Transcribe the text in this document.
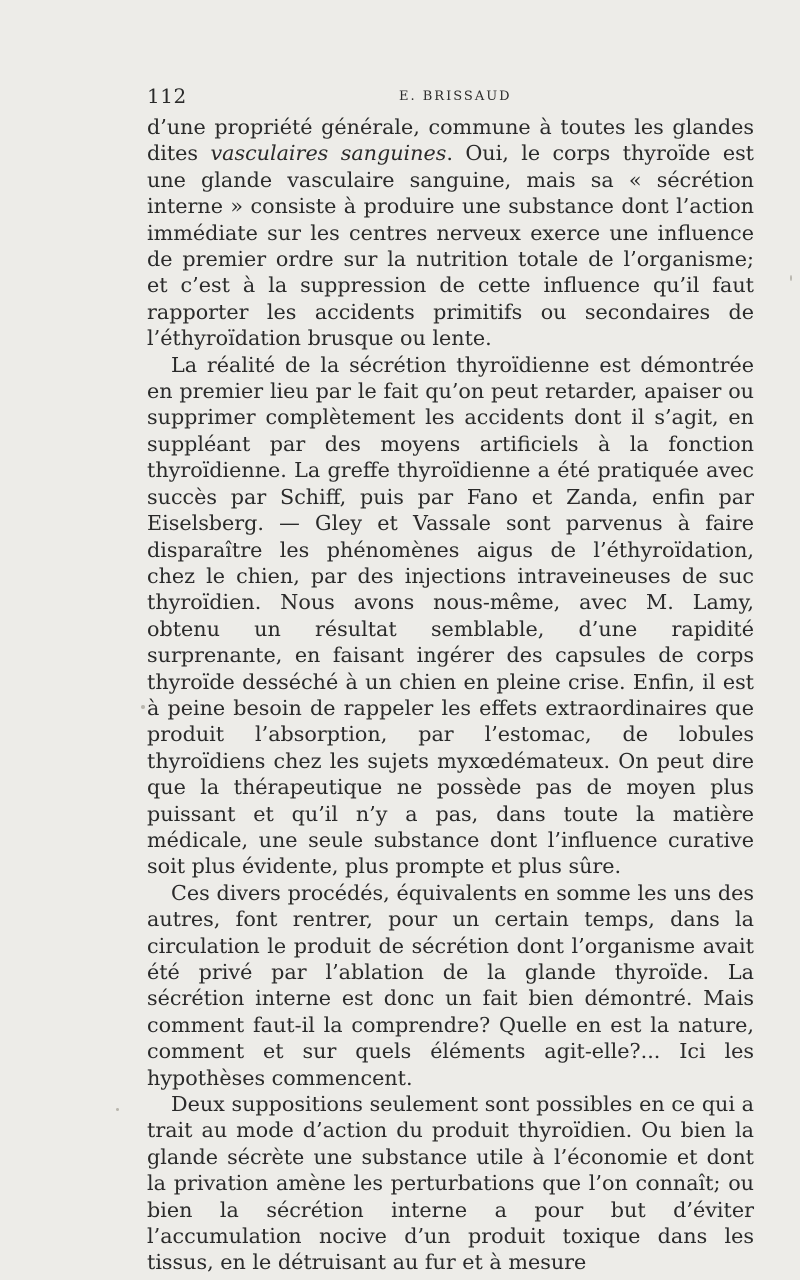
112	E. BRISSAUD

d’une propriété générale, commune à toutes les glandes dites vasculaires sanguines. Oui, le corps thyroïde est une glande vasculaire sanguine, mais sa « sécrétion interne » consiste à produire une substance dont l’action immédiate sur les centres nerveux exerce une influence de premier ordre sur la nutrition totale de l’organisme; et c’est à la suppression de cette influence qu’il faut rapporter les accidents primitifs ou secondaires de l’éthyroïdation brusque ou lente.

La réalité de la sécrétion thyroïdienne est démontrée en premier lieu par le fait qu’on peut retarder, apaiser ou supprimer complètement les accidents dont il s’agit, en suppléant par des moyens artificiels à la fonction thyroïdienne. La greffe thyroïdienne a été pratiquée avec succès par Schiff, puis par Fano et Zanda, enfin par Eiselsberg. — Gley et Vassale sont parvenus à faire disparaître les phénomènes aigus de l’éthyroïdation, chez le chien, par des injections intraveineuses de suc thyroïdien. Nous avons nous-même, avec M. Lamy, obtenu un résultat semblable, d’une rapidité surprenante, en faisant ingérer des capsules de corps thyroïde desséché à un chien en pleine crise. Enfin, il est à peine besoin de rappeler les effets extraordinaires que produit l’absorption, par l’estomac, de lobules thyroïdiens chez les sujets myxœdémateux. On peut dire que la thérapeutique ne possède pas de moyen plus puissant et qu’il n’y a pas, dans toute la matière médicale, une seule substance dont l’influence curative soit plus évidente, plus prompte et plus sûre.

Ces divers procédés, équivalents en somme les uns des autres, font rentrer, pour un certain temps, dans la circulation le produit de sécrétion dont l’organisme avait été privé par l’ablation de la glande thyroïde. La sécrétion interne est donc un fait bien démontré. Mais comment faut-il la comprendre? Quelle en est la nature, comment et sur quels éléments agit-elle?... Ici les hypothèses commencent.

Deux suppositions seulement sont possibles en ce qui a trait au mode d’action du produit thyroïdien. Ou bien la glande sécrète une substance utile à l’économie et dont la privation amène les perturbations que l’on connaît; ou bien la sécrétion interne a pour but d’éviter l’accumulation nocive d’un produit toxique dans les tissus, en le détruisant au fur et à mesure
